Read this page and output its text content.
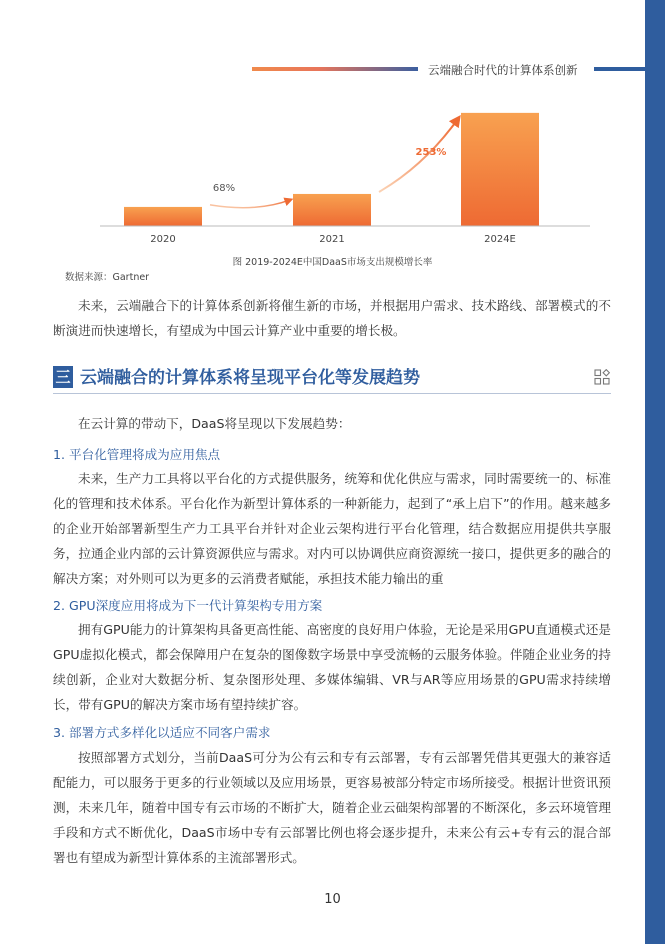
云端融合时代的计算体系创新
68%
253%
2020	2021	2024E
图 2019-2024E中国DaaS市场支出规模增长率
数据来源：Gartner
未来，云端融合下的计算体系创新将催生新的市场，并根据用户需求、技术路线、部署模式的不断演进而快速增长，有望成为中国云计算产业中重要的增长极。
三 云端融合的计算体系将呈现平台化等发展趋势
在云计算的带动下，DaaS将呈现以下发展趋势：
1. 平台化管理将成为应用焦点
未来，生产力工具将以平台化的方式提供服务，统筹和优化供应与需求，同时需要统一的、标准化的管理和技术体系。平台化作为新型计算体系的一种新能力，起到了“承上启下”的作用。越来越多的企业开始部署新型生产力工具平台并针对企业云架构进行平台化管理，结合数据应用提供共享服务，拉通企业内部的云计算资源供应与需求。对内可以协调供应商资源统一接口，提供更多的融合的解决方案；对外则可以为更多的云消费者赋能，承担技术能力输出的重
2. GPU深度应用将成为下一代计算架构专用方案
拥有GPU能力的计算架构具备更高性能、高密度的良好用户体验，无论是采用GPU直通模式还是GPU虚拟化模式，都会保障用户在复杂的图像数字场景中享受流畅的云服务体验。伴随企业业务的持续创新，企业对大数据分析、复杂图形处理、多媒体编辑、VR与AR等应用场景的GPU需求持续增长，带有GPU的解决方案市场有望持续扩容。
3. 部署方式多样化以适应不同客户需求
按照部署方式划分，当前DaaS可分为公有云和专有云部署，专有云部署凭借其更强大的兼容适配能力，可以服务于更多的行业领域以及应用场景，更容易被部分特定市场所接受。根据计世资讯预测，未来几年，随着中国专有云市场的不断扩大，随着企业云础架构部署的不断深化，多云环境管理手段和方式不断优化，DaaS市场中专有云部署比例也将会逐步提升，未来公有云+专有云的混合部署也有望成为新型计算体系的主流部署形式。
10
